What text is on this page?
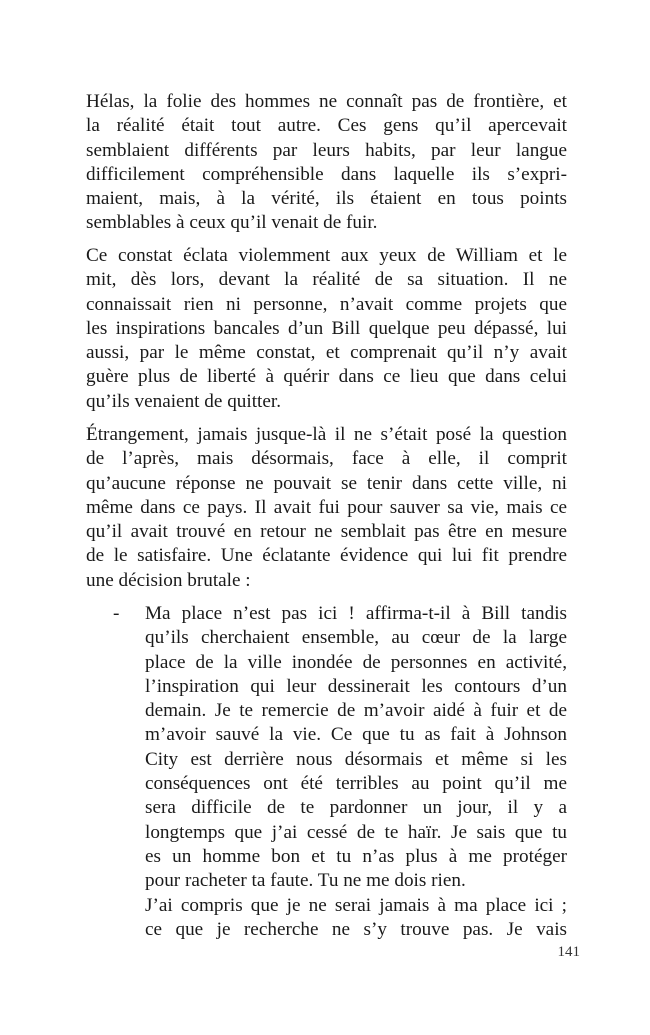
Hélas, la folie des hommes ne connaît pas de frontière, et
la réalité était tout autre. Ces gens qu’il apercevait
semblaient différents par leurs habits, par leur langue
difficilement compréhensible dans laquelle ils s’expri-
maient, mais, à la vérité, ils étaient en tous points
semblables à ceux qu’il venait de fuir.
Ce constat éclata violemment aux yeux de William et le
mit, dès lors, devant la réalité de sa situation. Il ne
connaissait rien ni personne, n’avait comme projets que
les inspirations bancales d’un Bill quelque peu dépassé, lui
aussi, par le même constat, et comprenait qu’il n’y avait
guère plus de liberté à quérir dans ce lieu que dans celui
qu’ils venaient de quitter.
Étrangement, jamais jusque-là il ne s’était posé la question
de l’après, mais désormais, face à elle, il comprit
qu’aucune réponse ne pouvait se tenir dans cette ville, ni
même dans ce pays. Il avait fui pour sauver sa vie, mais ce
qu’il avait trouvé en retour ne semblait pas être en mesure
de le satisfaire. Une éclatante évidence qui lui fit prendre
une décision brutale :
-	Ma place n’est pas ici ! affirma-t-il à Bill tandis
qu’ils cherchaient ensemble, au cœur de la large
place de la ville inondée de personnes en activité,
l’inspiration qui leur dessinerait les contours d’un
demain. Je te remercie de m’avoir aidé à fuir et de
m’avoir sauvé la vie. Ce que tu as fait à Johnson
City est derrière nous désormais et même si les
conséquences ont été terribles au point qu’il me
sera difficile de te pardonner un jour, il y a
longtemps que j’ai cessé de te haïr. Je sais que tu
es un homme bon et tu n’as plus à me protéger
pour racheter ta faute. Tu ne me dois rien.
J’ai compris que je ne serai jamais à ma place ici ;
ce que je recherche ne s’y trouve pas. Je vais
141
